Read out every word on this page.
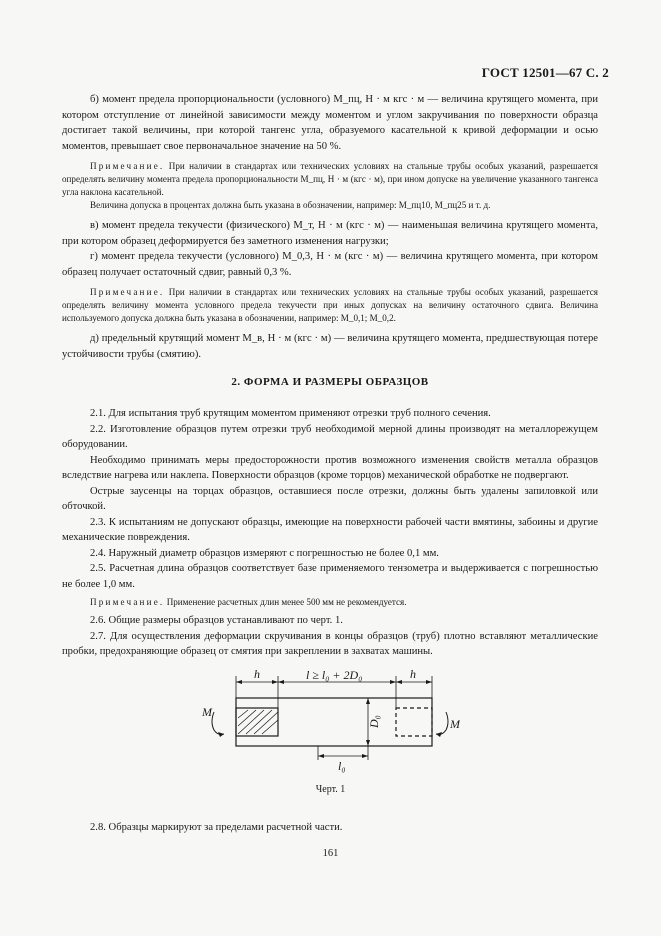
ГОСТ 12501—67 С. 2

б) момент предела пропорциональности (условного) M_пц, Н · м кгс · м — величина крутящего момента, при котором отступление от линейной зависимости между моментом и углом закручивания по поверхности образца достигает такой величины, при которой тангенс угла, образуемого касательной к кривой деформации и осью моментов, превышает свое первоначальное значение на 50 %.

Примечание. При наличии в стандартах или технических условиях на стальные трубы особых указаний, разрешается определять величину момента предела пропорциональности M_пц, Н · м (кгс · м), при ином допуске на увеличение указанного тангенса угла наклона касательной.

Величина допуска в процентах должна быть указана в обозначении, например: M_пц10, M_пц25 и т. д.

в) момент предела текучести (физического) M_т, Н · м (кгс · м) — наименьшая величина крутящего момента, при котором образец деформируется без заметного изменения нагрузки;

г) момент предела текучести (условного) M_0,3, Н · м (кгс · м) — величина крутящего момента, при котором образец получает остаточный сдвиг, равный 0,3 %.

Примечание. При наличии в стандартах или технических условиях на стальные трубы особых указаний, разрешается определять величину момента условного предела текучести при иных допусках на величину остаточного сдвига. Величина используемого допуска должна быть указана в обозначении, например: M_0,1; M_0,2.

д) предельный крутящий момент M_в, Н · м (кгс · м) — величина крутящего момента, предшествующая потере устойчивости трубы (смятию).

2. ФОРМА И РАЗМЕРЫ ОБРАЗЦОВ

2.1. Для испытания труб крутящим моментом применяют отрезки труб полного сечения.

2.2. Изготовление образцов путем отрезки труб необходимой мерной длины производят на металлорежущем оборудовании.

Необходимо принимать меры предосторожности против возможного изменения свойств металла образцов вследствие нагрева или наклепа. Поверхности образцов (кроме торцов) механической обработке не подвергают.

Острые заусенцы на торцах образцов, оставшиеся после отрезки, должны быть удалены запиловкой или обточкой.

2.3. К испытаниям не допускают образцы, имеющие на поверхности рабочей части вмятины, забоины и другие механические повреждения.

2.4. Наружный диаметр образцов измеряют с погрешностью не более 0,1 мм.

2.5. Расчетная длина образцов соответствует базе применяемого тензометра и выдерживается с погрешностью не более 1,0 мм.

Примечание. Применение расчетных длин менее 500 мм не рекомендуется.

2.6. Общие размеры образцов устанавливают по черт. 1.

2.7. Для осуществления деформации скручивания в концы образцов (труб) плотно вставляют металлические пробки, предохраняющие образец от смятия при закреплении в захватах машины.

h	l ≥ l₀ + 2D₀	h
D₀
l₀
M
M
Черт. 1

2.8. Образцы маркируют за пределами расчетной части.

161
